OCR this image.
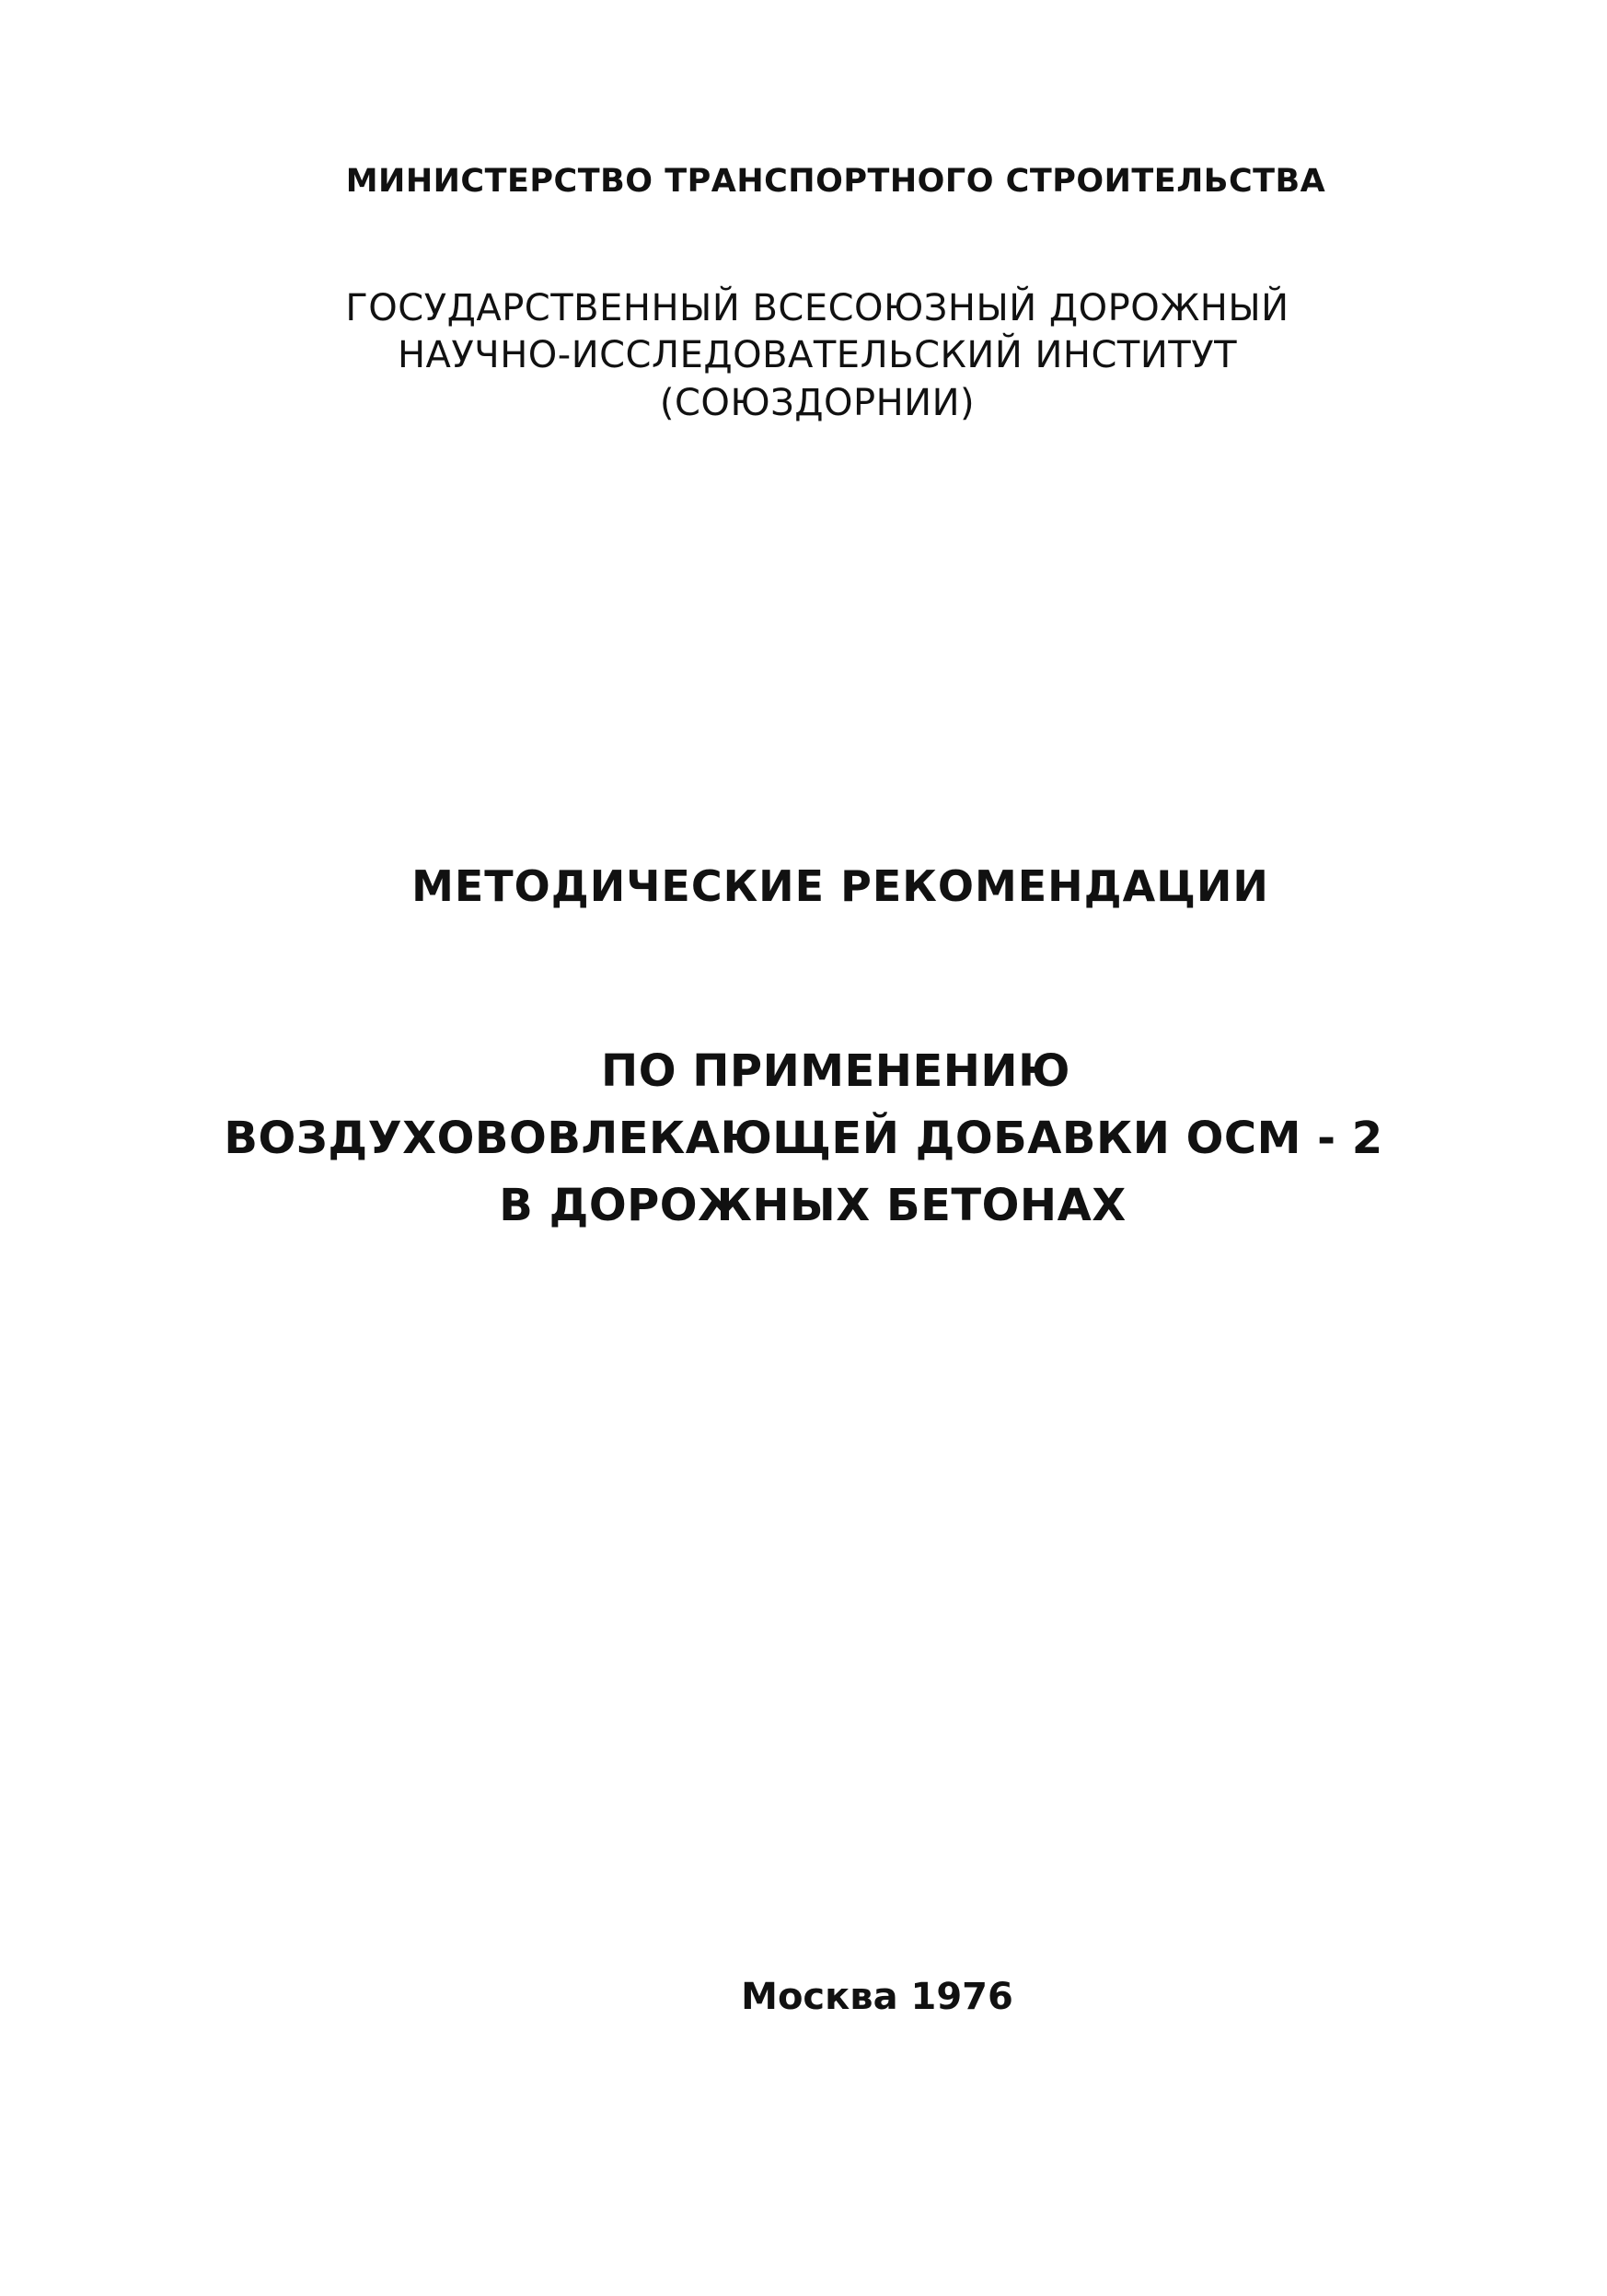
МИНИСТЕРСТВО ТРАНСПОРТНОГО СТРОИТЕЛЬСТВА
ГОСУДАРСТВЕННЫЙ ВСЕСОЮЗНЫЙ ДОРОЖНЫЙ
НАУЧНО-ИССЛЕДОВАТЕЛЬСКИЙ ИНСТИТУТ
(СОЮЗДОРНИИ)
МЕТОДИЧЕСКИЕ РЕКОМЕНДАЦИИ
ПО ПРИМЕНЕНИЮ
ВОЗДУХОВОВЛЕКАЮЩЕЙ ДОБАВКИ ОСМ - 2
В ДОРОЖНЫХ БЕТОНАХ
Москва 1976
